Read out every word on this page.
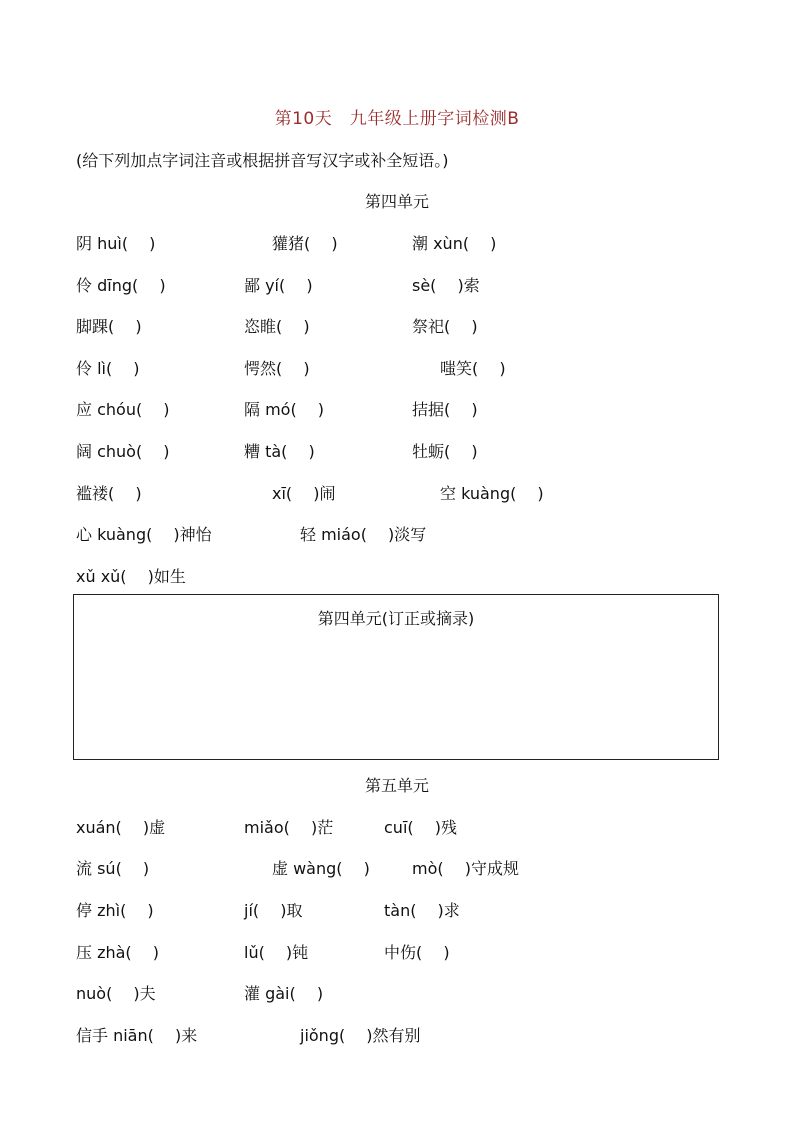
第10天　九年级上册字词检测B
(给下列加点字词注音或根据拼音写汉字或补全短语。)
第四单元
阴 huì(　 )	獾猪(　 )	潮 xùn(　 )
伶 dīng(　 )	鄙 yí(　 )	sè(　 )索
脚踝(　 )	恣睢(　 )	祭祀(　 )
伶 lì(　 )	愕然(　 )	嗤笑(　 )
应 chóu(　 )	隔 mó(　 )	拮据(　 )
阔 chuò(　 )	糟 tà(　 )	牡蛎(　 )
褴褛(　 )	xī(　 )闹	空 kuàng(　 )
心 kuàng(　 )神怡	轻 miáo(　 )淡写
xǔ xǔ(　 )如生
第四单元(订正或摘录)
第五单元
xuán(　 )虚	miǎo(　 )茫	cuī(　 )残
流 sú(　 )	虚 wàng(　 )	mò(　 )守成规
停 zhì(　 )	jí(　 )取	tàn(　 )求
压 zhà(　 )	lǔ(　 )钝	中伤(　 )
nuò(　 )夫	灌 gài(　 )
信手 niān(　 )来	jiǒng(　 )然有别
